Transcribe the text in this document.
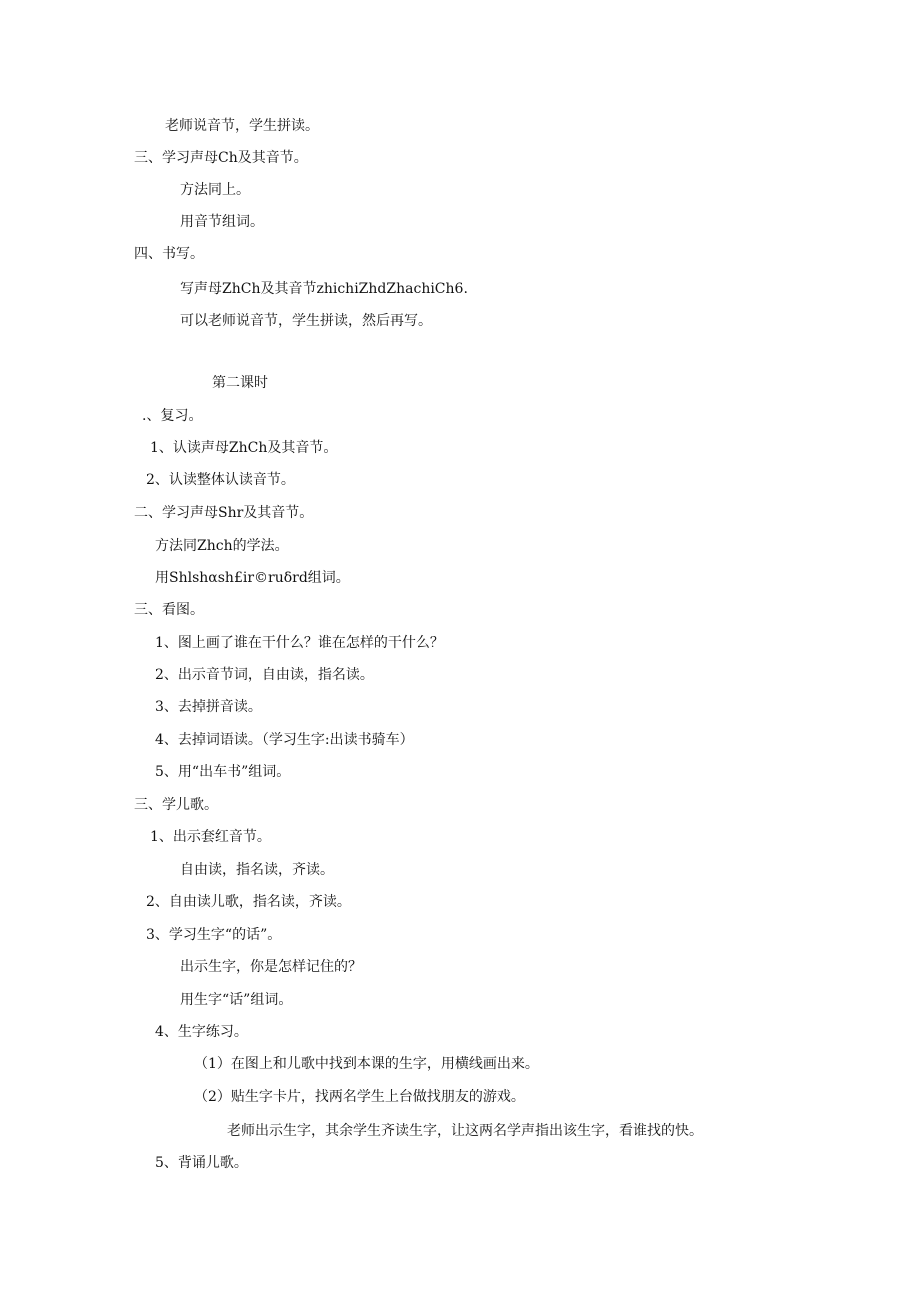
老师说音节，学生拼读。
三、学习声母Ch及其音节。
方法同上。
用音节组词。
四、书写。
写声母ZhCh及其音节zhichiZhdZhachiCh6.
可以老师说音节，学生拼读，然后再写。
第二课时
.、复习。
1、认读声母ZhCh及其音节。
2、认读整体认读音节。
二、学习声母Shr及其音节。
方法同Zhch的学法。
用Shlshαsh£ir©ruδrd组词。
三、看图。
1、图上画了谁在干什么？谁在怎样的干什么？
2、出示音节词，自由读，指名读。
3、去掉拼音读。
4、去掉词语读。（学习生字:出读书骑车）
5、用“出车书”组词。
三、学儿歌。
1、出示套红音节。
自由读，指名读，齐读。
2、自由读儿歌，指名读，齐读。
3、学习生字“的话”。
出示生字，你是怎样记住的？
用生字“话”组词。
4、生字练习。
（1）在图上和儿歌中找到本课的生字，用横线画出来。
（2）贴生字卡片，找两名学生上台做找朋友的游戏。
老师出示生字，其余学生齐读生字，让这两名学声指出该生字，看谁找的快。
5、背诵儿歌。
